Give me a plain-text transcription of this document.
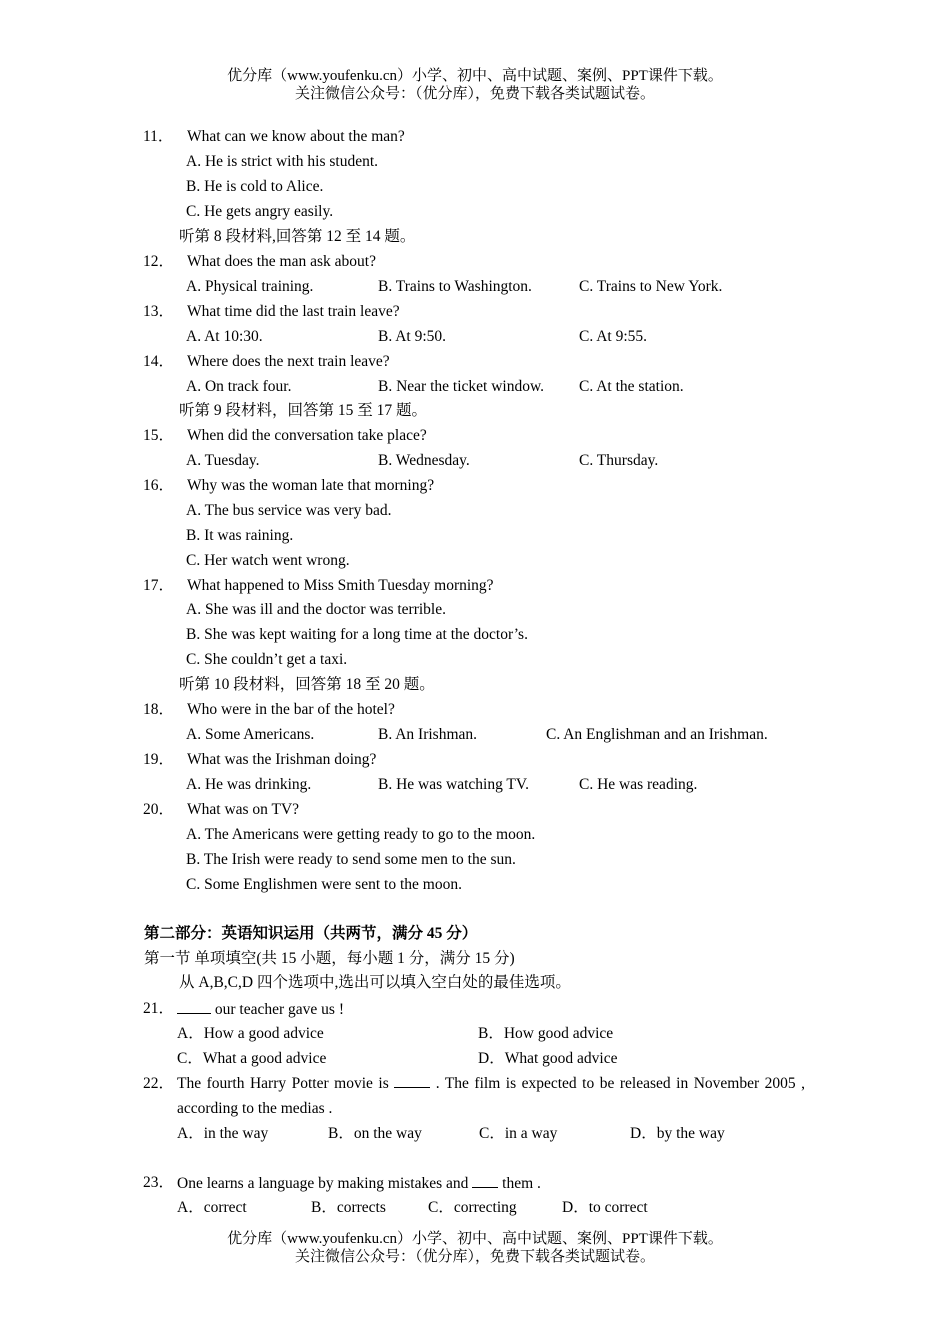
优分库（www.youfenku.cn）小学、初中、高中试题、案例、PPT课件下载。
关注微信公众号：（优分库），免费下载各类试题试卷。
11． What can we know about the man?
A. He is strict with his student.
B. He is cold to Alice.
C. He gets angry easily.
听第 8 段材料,回答第 12 至 14 题。
12． What does the man ask about?
A. Physical training.	B. Trains to Washington.	C. Trains to New York.
13． What time did the last train leave?
A. At 10:30.	B. At 9:50.	C. At 9:55.
14． Where does the next train leave?
A. On track four.	B. Near the ticket window. C. At the station.
听第 9 段材料，回答第 15 至 17 题。
15． When did the conversation take place?
A. Tuesday.	B. Wednesday.	C. Thursday.
16． Why was the woman late that morning?
A. The bus service was very bad.
B. It was raining.
C. Her watch went wrong.
17． What happened to Miss Smith Tuesday morning?
A. She was ill and the doctor was terrible.
B. She was kept waiting for a long time at the doctor’s.
C. She couldn’t get a taxi.
听第 10 段材料，回答第 18 至 20 题。
18． Who were in the bar of the hotel?
A. Some Americans.	B. An Irishman.	C. An Englishman and an Irishman.
19． What was the Irishman doing?
A. He was drinking.	B. He was watching TV.	C. He was reading.
20． What was on TV?
A. The Americans were getting ready to go to the moon.
B. The Irish were ready to send some men to the sun.
C. Some Englishmen were sent to the moon.
第二部分：英语知识运用（共两节，满分 45 分）
第一节 单项填空(共 15 小题，每小题 1 分，满分 15 分)
从 A,B,C,D 四个选项中,选出可以填入空白处的最佳选项。
21．	our teacher gave us !
A．How a good advice	B．How good advice
C．What a good advice	D．What good advice
22． The fourth Harry Potter movie is  . The film is expected to be released in November 2005 , according to the medias .
A．in the way	B．on the way	C．in a way	D．by the way
23． One learns a language by making mistakes and  them .
A．correct	B．corrects	C．correcting	D．to correct
优分库（www.youfenku.cn）小学、初中、高中试题、案例、PPT课件下载。
关注微信公众号：（优分库），免费下载各类试题试卷。
